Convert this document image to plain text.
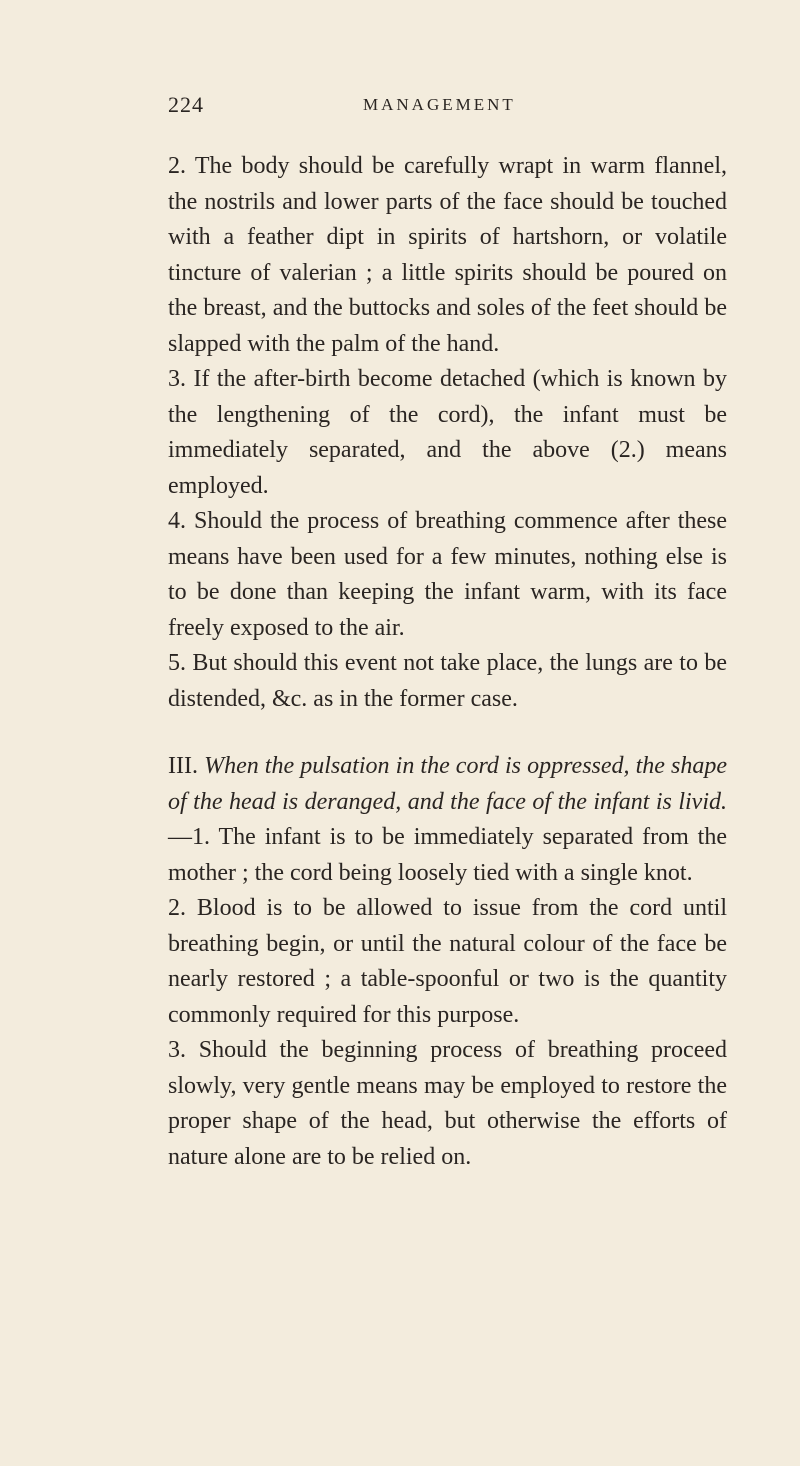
224	MANAGEMENT

2. The body should be carefully wrapt in warm flannel, the nostrils and lower parts of the face should be touched with a feather dipt in spirits of hartshorn, or volatile tincture of valerian ; a little spirits should be poured on the breast, and the buttocks and soles of the feet should be slapped with the palm of the hand.

3. If the after-birth become detached (which is known by the lengthening of the cord), the infant must be immediately separated, and the above (2.) means employed.

4. Should the process of breathing commence after these means have been used for a few minutes, nothing else is to be done than keeping the infant warm, with its face freely exposed to the air.

5. But should this event not take place, the lungs are to be distended, &c. as in the former case.

III. When the pulsation in the cord is oppressed, the shape of the head is deranged, and the face of the infant is livid.—1. The infant is to be immediately separated from the mother ; the cord being loosely tied with a single knot.

2. Blood is to be allowed to issue from the cord until breathing begin, or until the natural colour of the face be nearly restored ; a table-spoonful or two is the quantity commonly required for this purpose.

3. Should the beginning process of breathing proceed slowly, very gentle means may be employed to restore the proper shape of the head, but otherwise the efforts of nature alone are to be relied on.
